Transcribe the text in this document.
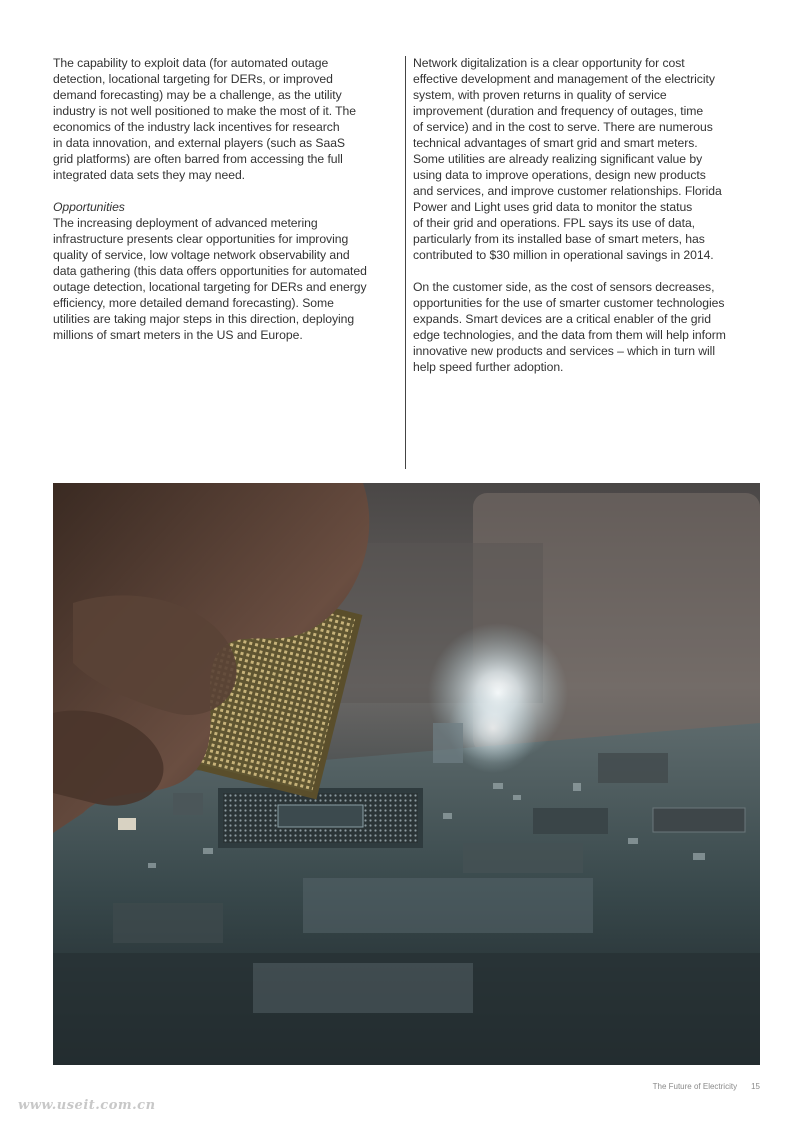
The capability to exploit data (for automated outage
detection, locational targeting for DERs, or improved
demand forecasting) may be a challenge, as the utility
industry is not well positioned to make the most of it. The
economics of the industry lack incentives for research
in data innovation, and external players (such as SaaS
grid platforms) are often barred from accessing the full
integrated data sets they may need.

Opportunities

The increasing deployment of advanced metering
infrastructure presents clear opportunities for improving
quality of service, low voltage network observability and
data gathering (this data offers opportunities for automated
outage detection, locational targeting for DERs and energy
efficiency, more detailed demand forecasting). Some
utilities are taking major steps in this direction, deploying
millions of smart meters in the US and Europe.

Network digitalization is a clear opportunity for cost
effective development and management of the electricity
system, with proven returns in quality of service
improvement (duration and frequency of outages, time
of service) and in the cost to serve. There are numerous
technical advantages of smart grid and smart meters.
Some utilities are already realizing significant value by
using data to improve operations, design new products
and services, and improve customer relationships. Florida
Power and Light uses grid data to monitor the status
of their grid and operations. FPL says its use of data,
particularly from its installed base of smart meters, has
contributed to $30 million in operational savings in 2014.

On the customer side, as the cost of sensors decreases,
opportunities for the use of smarter customer technologies
expands. Smart devices are a critical enabler of the grid
edge technologies, and the data from them will help inform
innovative new products and services – which in turn will
help speed further adoption.

The Future of Electricity 15
www.useit.com.cn
